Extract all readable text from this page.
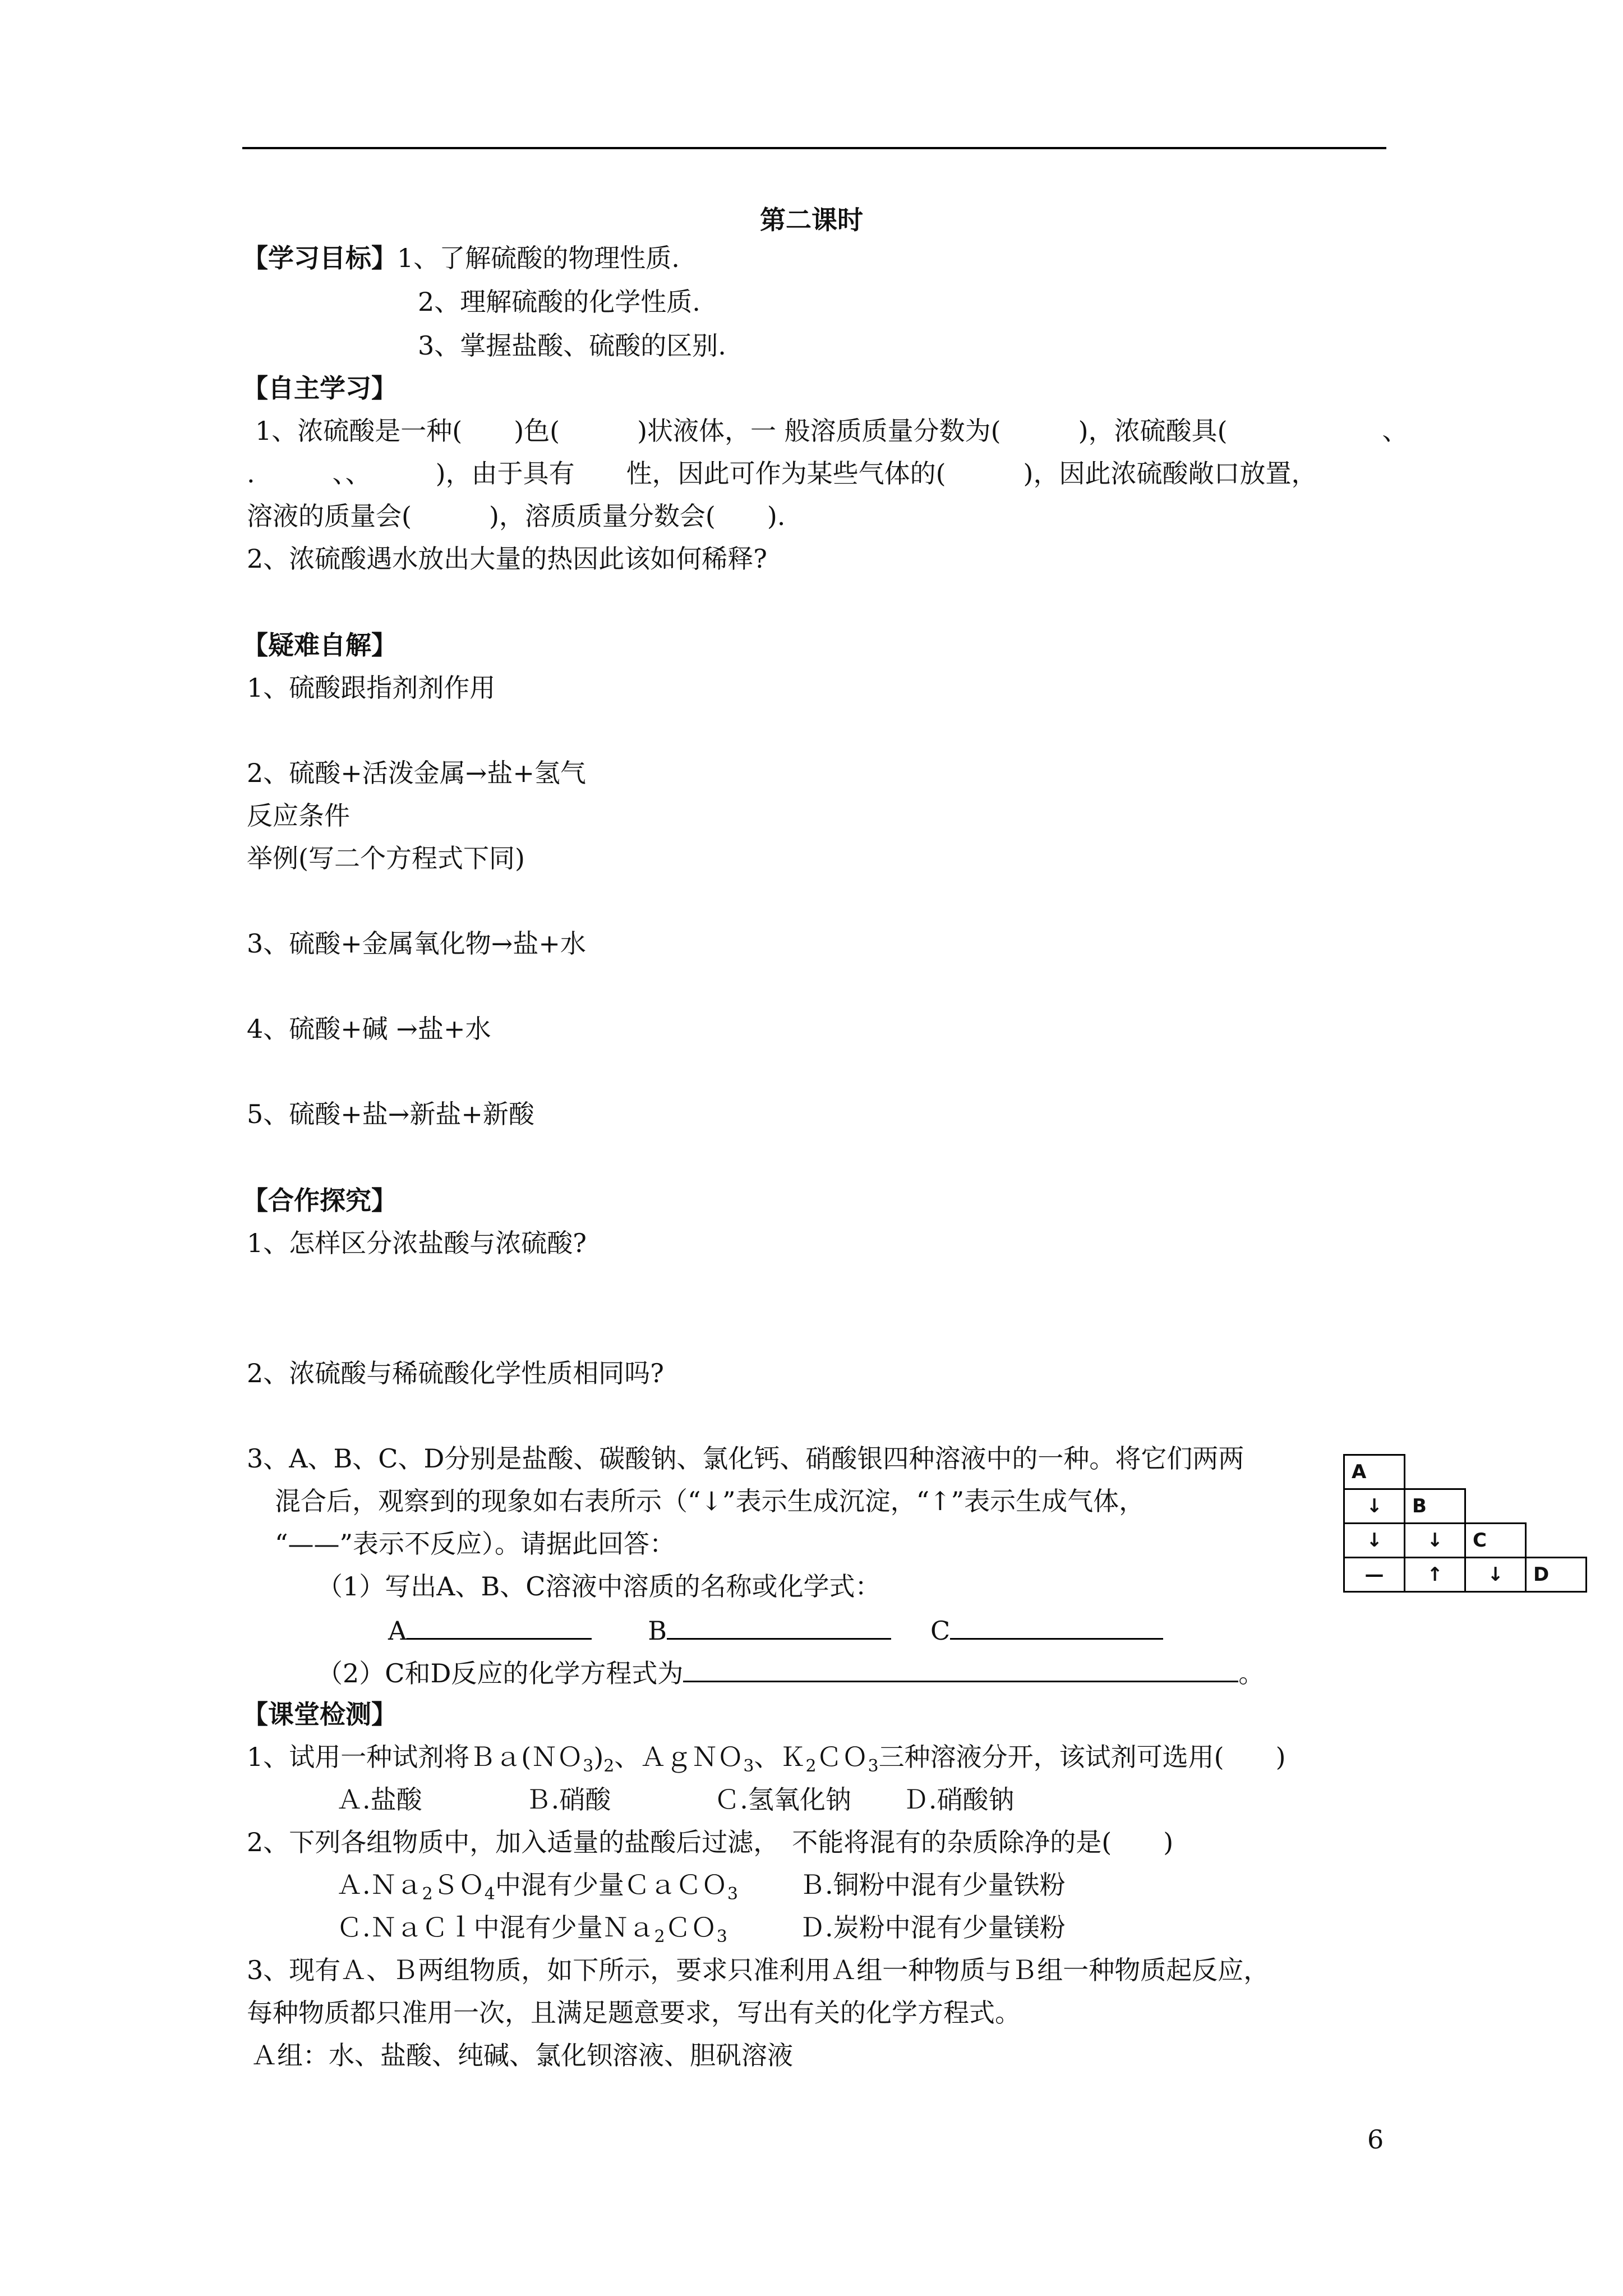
第二课时
【学习目标】1、了解硫酸的物理性质.
2、理解硫酸的化学性质.
3、掌握盐酸、硫酸的区别.
【自主学习】
1、浓硫酸是一种(　　)色(　　　)状液体，一 般溶质质量分数为(　　　)，浓硫酸具(　　　　　　、
.　　　、、　　　)，由于具有　　性，因此可作为某些气体的(　　　)，因此浓硫酸敞口放置，
溶液的质量会(　　　)，溶质质量分数会(　　).
2、浓硫酸遇水放出大量的热因此该如何稀释?
【疑难自解】
1、硫酸跟指剂剂作用
2、硫酸+活泼金属→盐+氢气
反应条件
举例(写二个方程式下同)
3、硫酸+金属氧化物→盐+水
4、硫酸+碱 →盐+水
5、硫酸+盐→新盐+新酸
【合作探究】
1、怎样区分浓盐酸与浓硫酸?
2、浓硫酸与稀硫酸化学性质相同吗?
3、A、B、C、D分别是盐酸、碳酸钠、氯化钙、硝酸银四种溶液中的一种。将它们两两
混合后，观察到的现象如右表所示（“↓”表示生成沉淀，“↑”表示生成气体，
“——”表示不反应）。请据此回答：
（1）写出A、B、C溶液中溶质的名称或化学式：
A	B	C
（2）C和D反应的化学方程式为	。
A			
↓	B		
↓	↓	C	
—	↑	↓	D
【课堂检测】
1、试用一种试剂将$Ba(NO_3)_2$、ＡｇＮＯ$_3$、Ｋ$_2$ＣＯ$_3$三种溶液分开，该试剂可选用(　　)
Ａ.盐酸　　　　Ｂ.硝酸　　　　Ｃ.氢氧化钠　　Ｄ.硝酸钠
2、下列各组物质中，加入适量的盐酸后过滤，　不能将混有的杂质除净的是(　　)
Ａ.Ｎａ$_2$ＳＯ$_4$中混有少量ＣａＣＯ$_3$ Ｂ.铜粉中混有少量铁粉
Ｃ.ＮａＣｌ中混有少量Ｎａ$_2$ＣＯ$_3$	Ｄ.炭粉中混有少量镁粉
3、现有Ａ、Ｂ两组物质，如下所示，要求只准利用Ａ组一种物质与Ｂ组一种物质起反应，
每种物质都只准用一次，且满足题意要求，写出有关的化学方程式。
Ａ组：水、盐酸、纯碱、氯化钡溶液、胆矾溶液
6
